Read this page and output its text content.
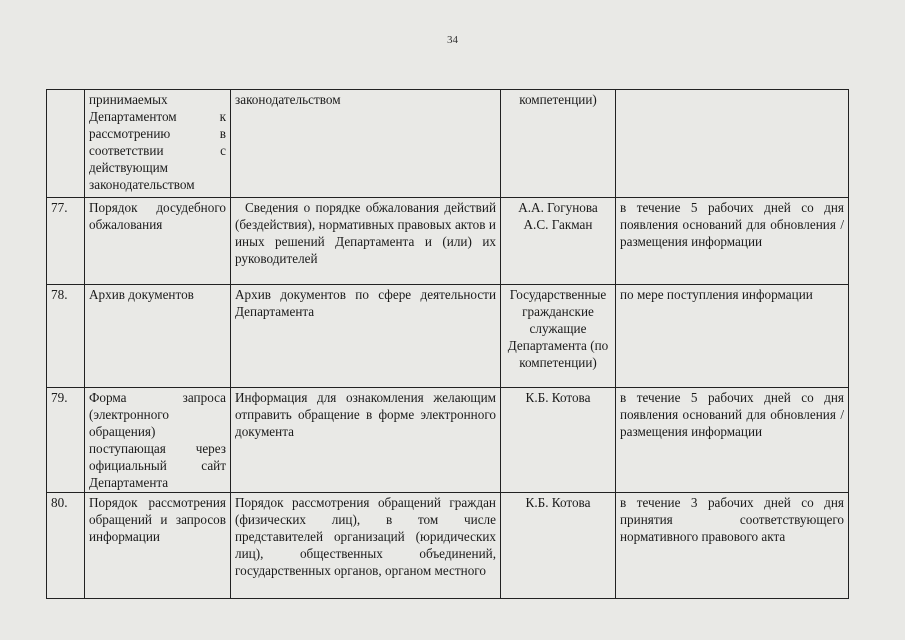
34
	принимаемых Департаментом к рассмотрению в соответствии с действующим законодательством	законодательством	компетенции)	
77.	Порядок досудебного обжалования	Сведения о порядке обжалования действий (бездействия), нормативных правовых актов и иных решений Департамента и (или) их руководителей	А.А. Гогунова А.С. Гакман	в течение 5 рабочих дней со дня появления оснований для обновления /размещения информации
78.	Архив документов	Архив документов по сфере деятельности Департамента	Государственные гражданские служащие Департамента (по компетенции)	по мере поступления информации
79.	Форма запроса (электронного обращения) поступающая через официальный сайт Департамента	Информация для ознакомления желающим отправить обращение в форме электронного документа	К.Б. Котова	в течение 5 рабочих дней со дня появления оснований для обновления /размещения информации
80.	Порядок рассмотрения обращений и запросов информации	Порядок рассмотрения обращений граждан (физических лиц), в том числе представителей организаций (юридических лиц), общественных объединений, государственных органов, органом местного	К.Б. Котова	в течение 3 рабочих дней со дня принятия соответствующего нормативного правового акта
